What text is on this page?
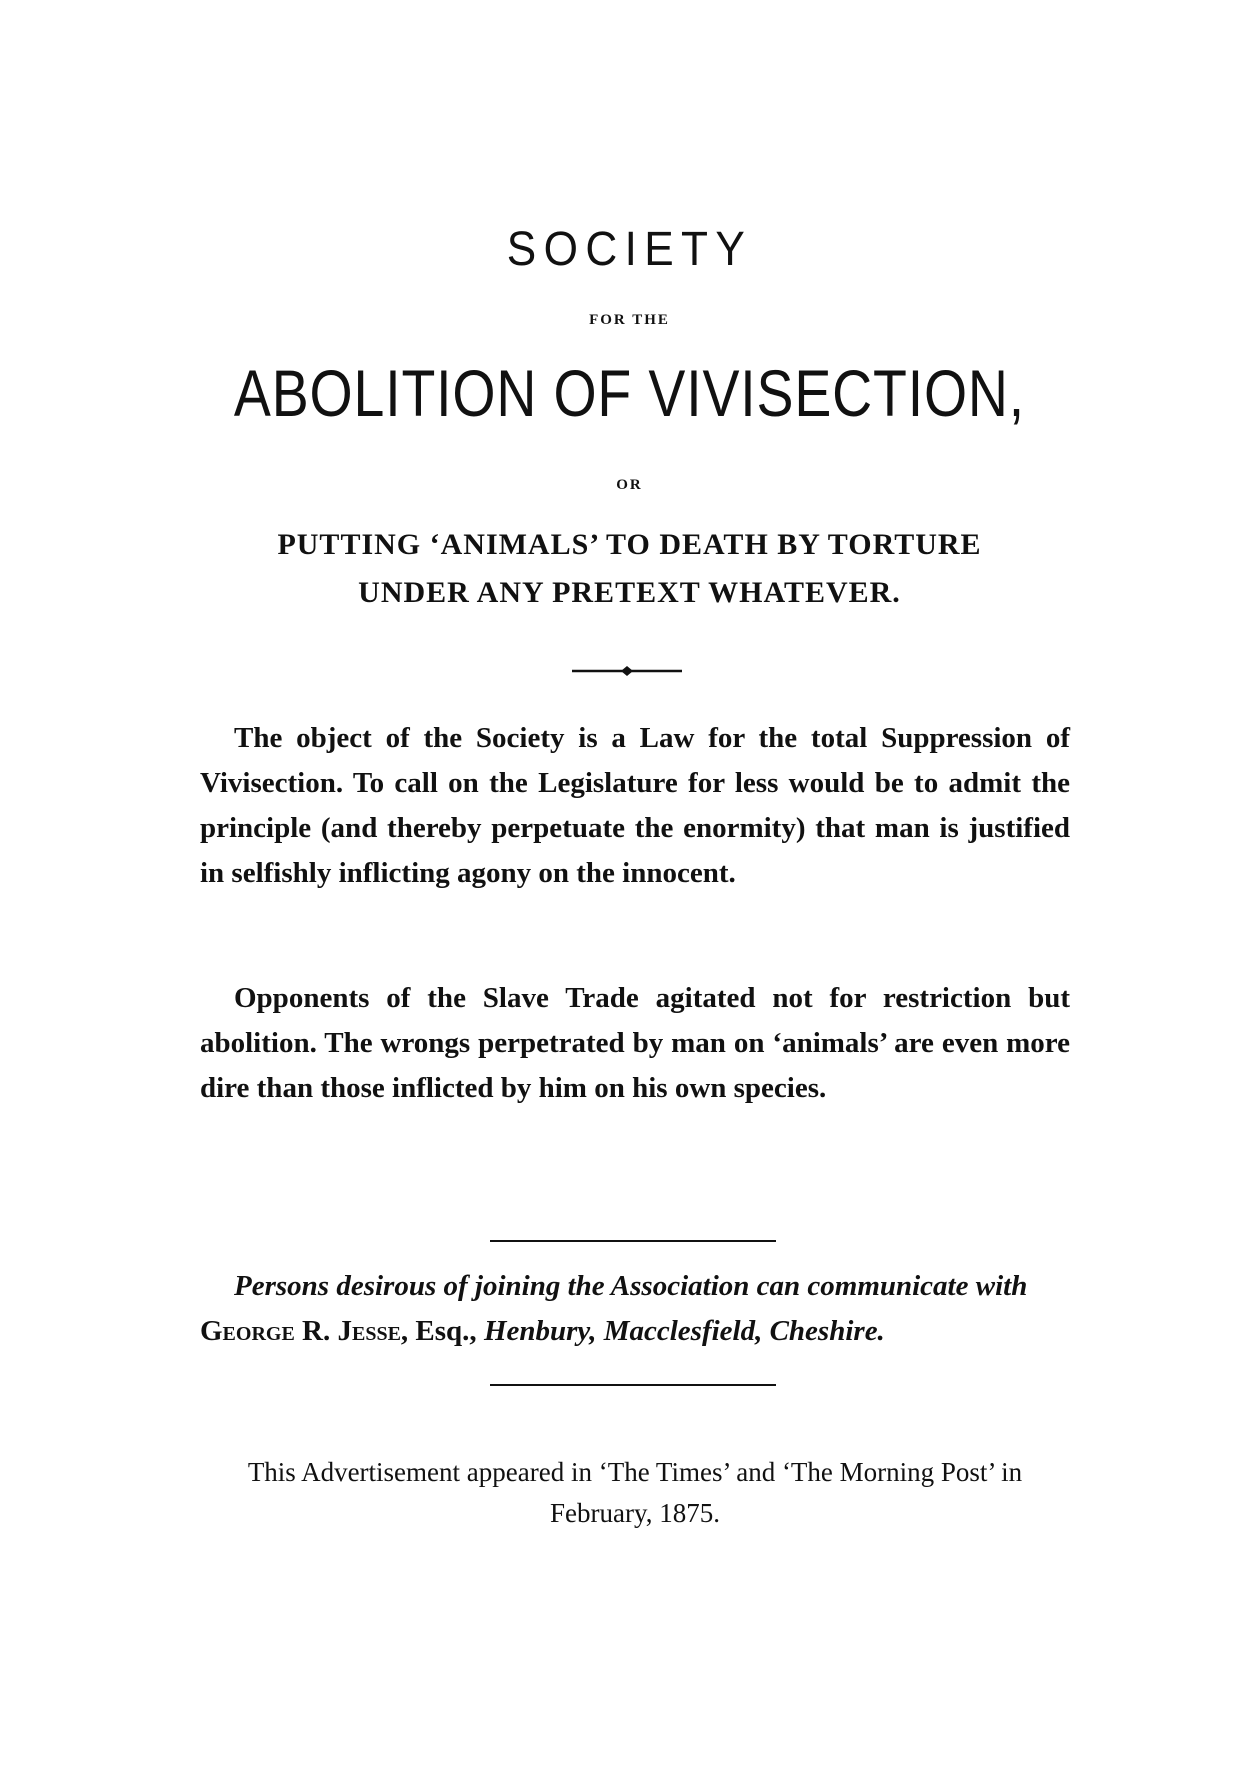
SOCIETY
FOR THE
ABOLITION OF VIVISECTION,
OR
PUTTING ‘ANIMALS’ TO DEATH BY TORTURE
UNDER ANY PRETEXT WHATEVER.
The object of the Society is a Law for the total Suppression of Vivisection. To call on the Legislature for less would be to admit the principle (and thereby perpetuate the enormity) that man is justified in selfishly inflicting agony on the innocent.
Opponents of the Slave Trade agitated not for restriction but abolition. The wrongs perpetrated by man on ‘animals’ are even more dire than those inflicted by him on his own species.
Persons desirous of joining the Association can communicate with George R. Jesse, Esq., Henbury, Macclesfield, Cheshire.
This Advertisement appeared in ‘The Times’ and ‘The Morning Post’ in February, 1875.
